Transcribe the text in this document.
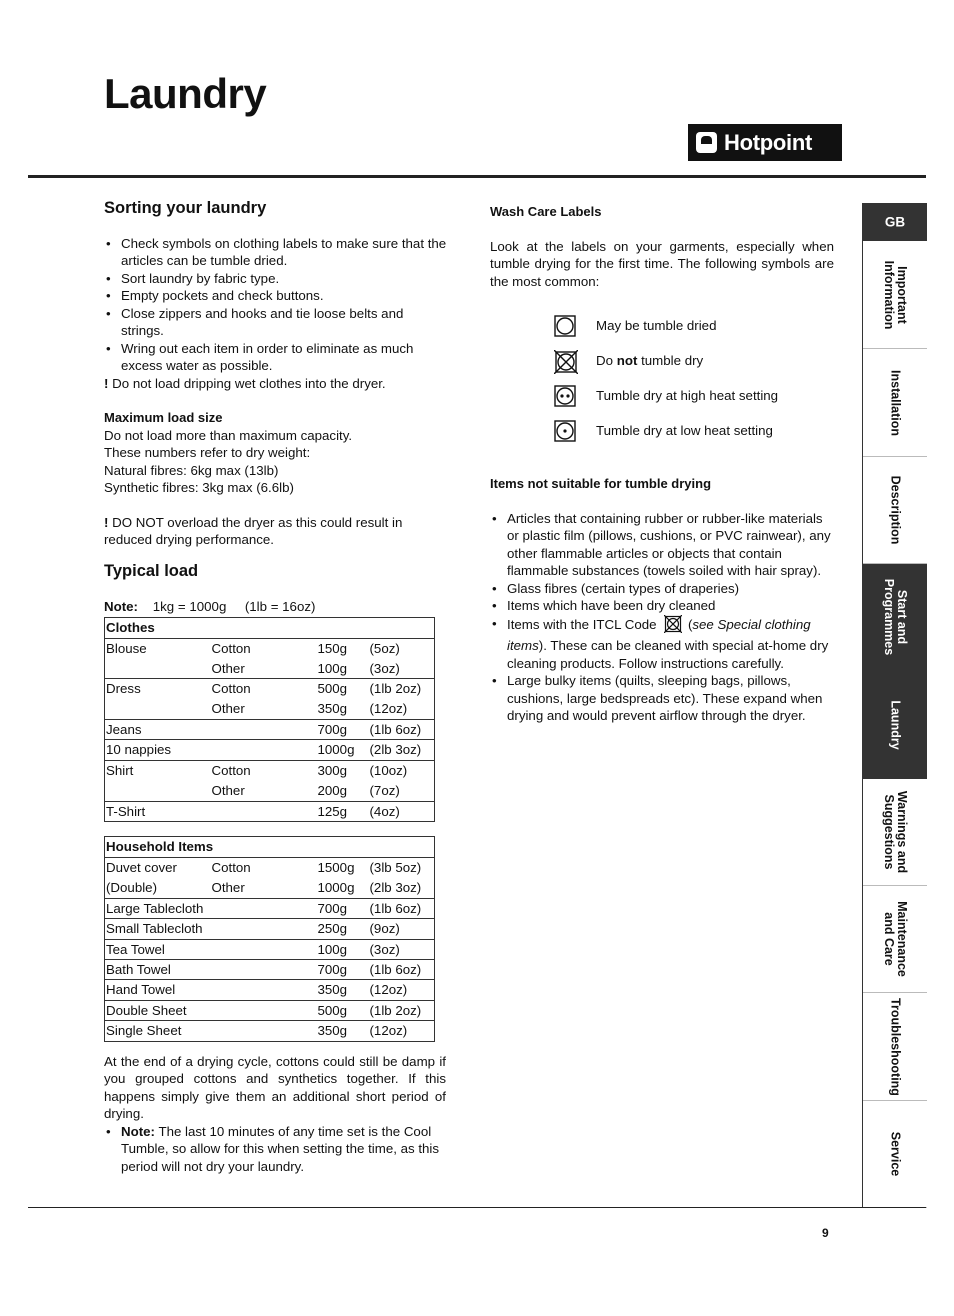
Laundry
Hotpoint
Sorting your laundry
• Check symbols on clothing labels to make sure that the articles can be tumble dried.
• Sort laundry by fabric type.
• Empty pockets and check buttons.
• Close zippers and hooks and tie loose belts and strings.
• Wring out each item in order to eliminate as much excess water as possible.
! Do not load dripping wet clothes into the dryer.
Maximum load size
Do not load more than maximum capacity.
These numbers refer to dry weight:
Natural fibres: 6kg max (13lb)
Synthetic fibres: 3kg max (6.6lb)
! DO NOT overload the dryer as this could result in reduced drying performance.
Typical load
Note: 1kg = 1000g (1lb = 16oz)
Clothes			
Blouse	Cotton	150g	(5oz)
	Other	100g	(3oz)
Dress	Cotton	500g	(1lb 2oz)
	Other	350g	(12oz)
Jeans		700g	(1lb 6oz)
10 nappies		1000g	(2lb 3oz)
Shirt	Cotton	300g	(10oz)
	Other	200g	(7oz)
T-Shirt		125g	(4oz)
Household Items			
Duvet cover	Cotton	1500g	(3lb 5oz)
(Double)	Other	1000g	(2lb 3oz)
Large Tablecloth		700g	(1lb 6oz)
Small Tablecloth		250g	(9oz)
Tea Towel		100g	(3oz)
Bath Towel		700g	(1lb 6oz)
Hand Towel		350g	(12oz)
Double Sheet		500g	(1lb 2oz)
Single Sheet		350g	(12oz)
At the end of a drying cycle, cottons could still be damp if you grouped cottons and synthetics together. If this happens simply give them an additional short period of drying.
• Note: The last 10 minutes of any time set is the Cool Tumble, so allow for this when setting the time, as this period will not dry your laundry.
Wash Care Labels
Look at the labels on your garments, especially when tumble drying for the first time. The following symbols are the most common:
May be tumble dried
Do not tumble dry
Tumble dry at high heat setting
Tumble dry at low heat setting
Items not suitable for tumble drying
• Articles that containing rubber or rubber-like materials or plastic film (pillows, cushions, or PVC rainwear), any other flammable articles or objects that contain flammable substances (towels soiled with hair spray).
• Glass fibres (certain types of draperies)
• Items which have been dry cleaned
• Items with the ITCL Code (see Special clothing items). These can be cleaned with special at-home dry cleaning products. Follow instructions carefully.
• Large bulky items (quilts, sleeping bags, pillows, cushions, large bedspreads etc). These expand when drying and would prevent airflow through the dryer.
GB
Important
Information
Installation
Description
Start and
Programmes
Laundry
Warnings and
Suggestions
Maintenance
and Care
Troubleshooting
Service
9
